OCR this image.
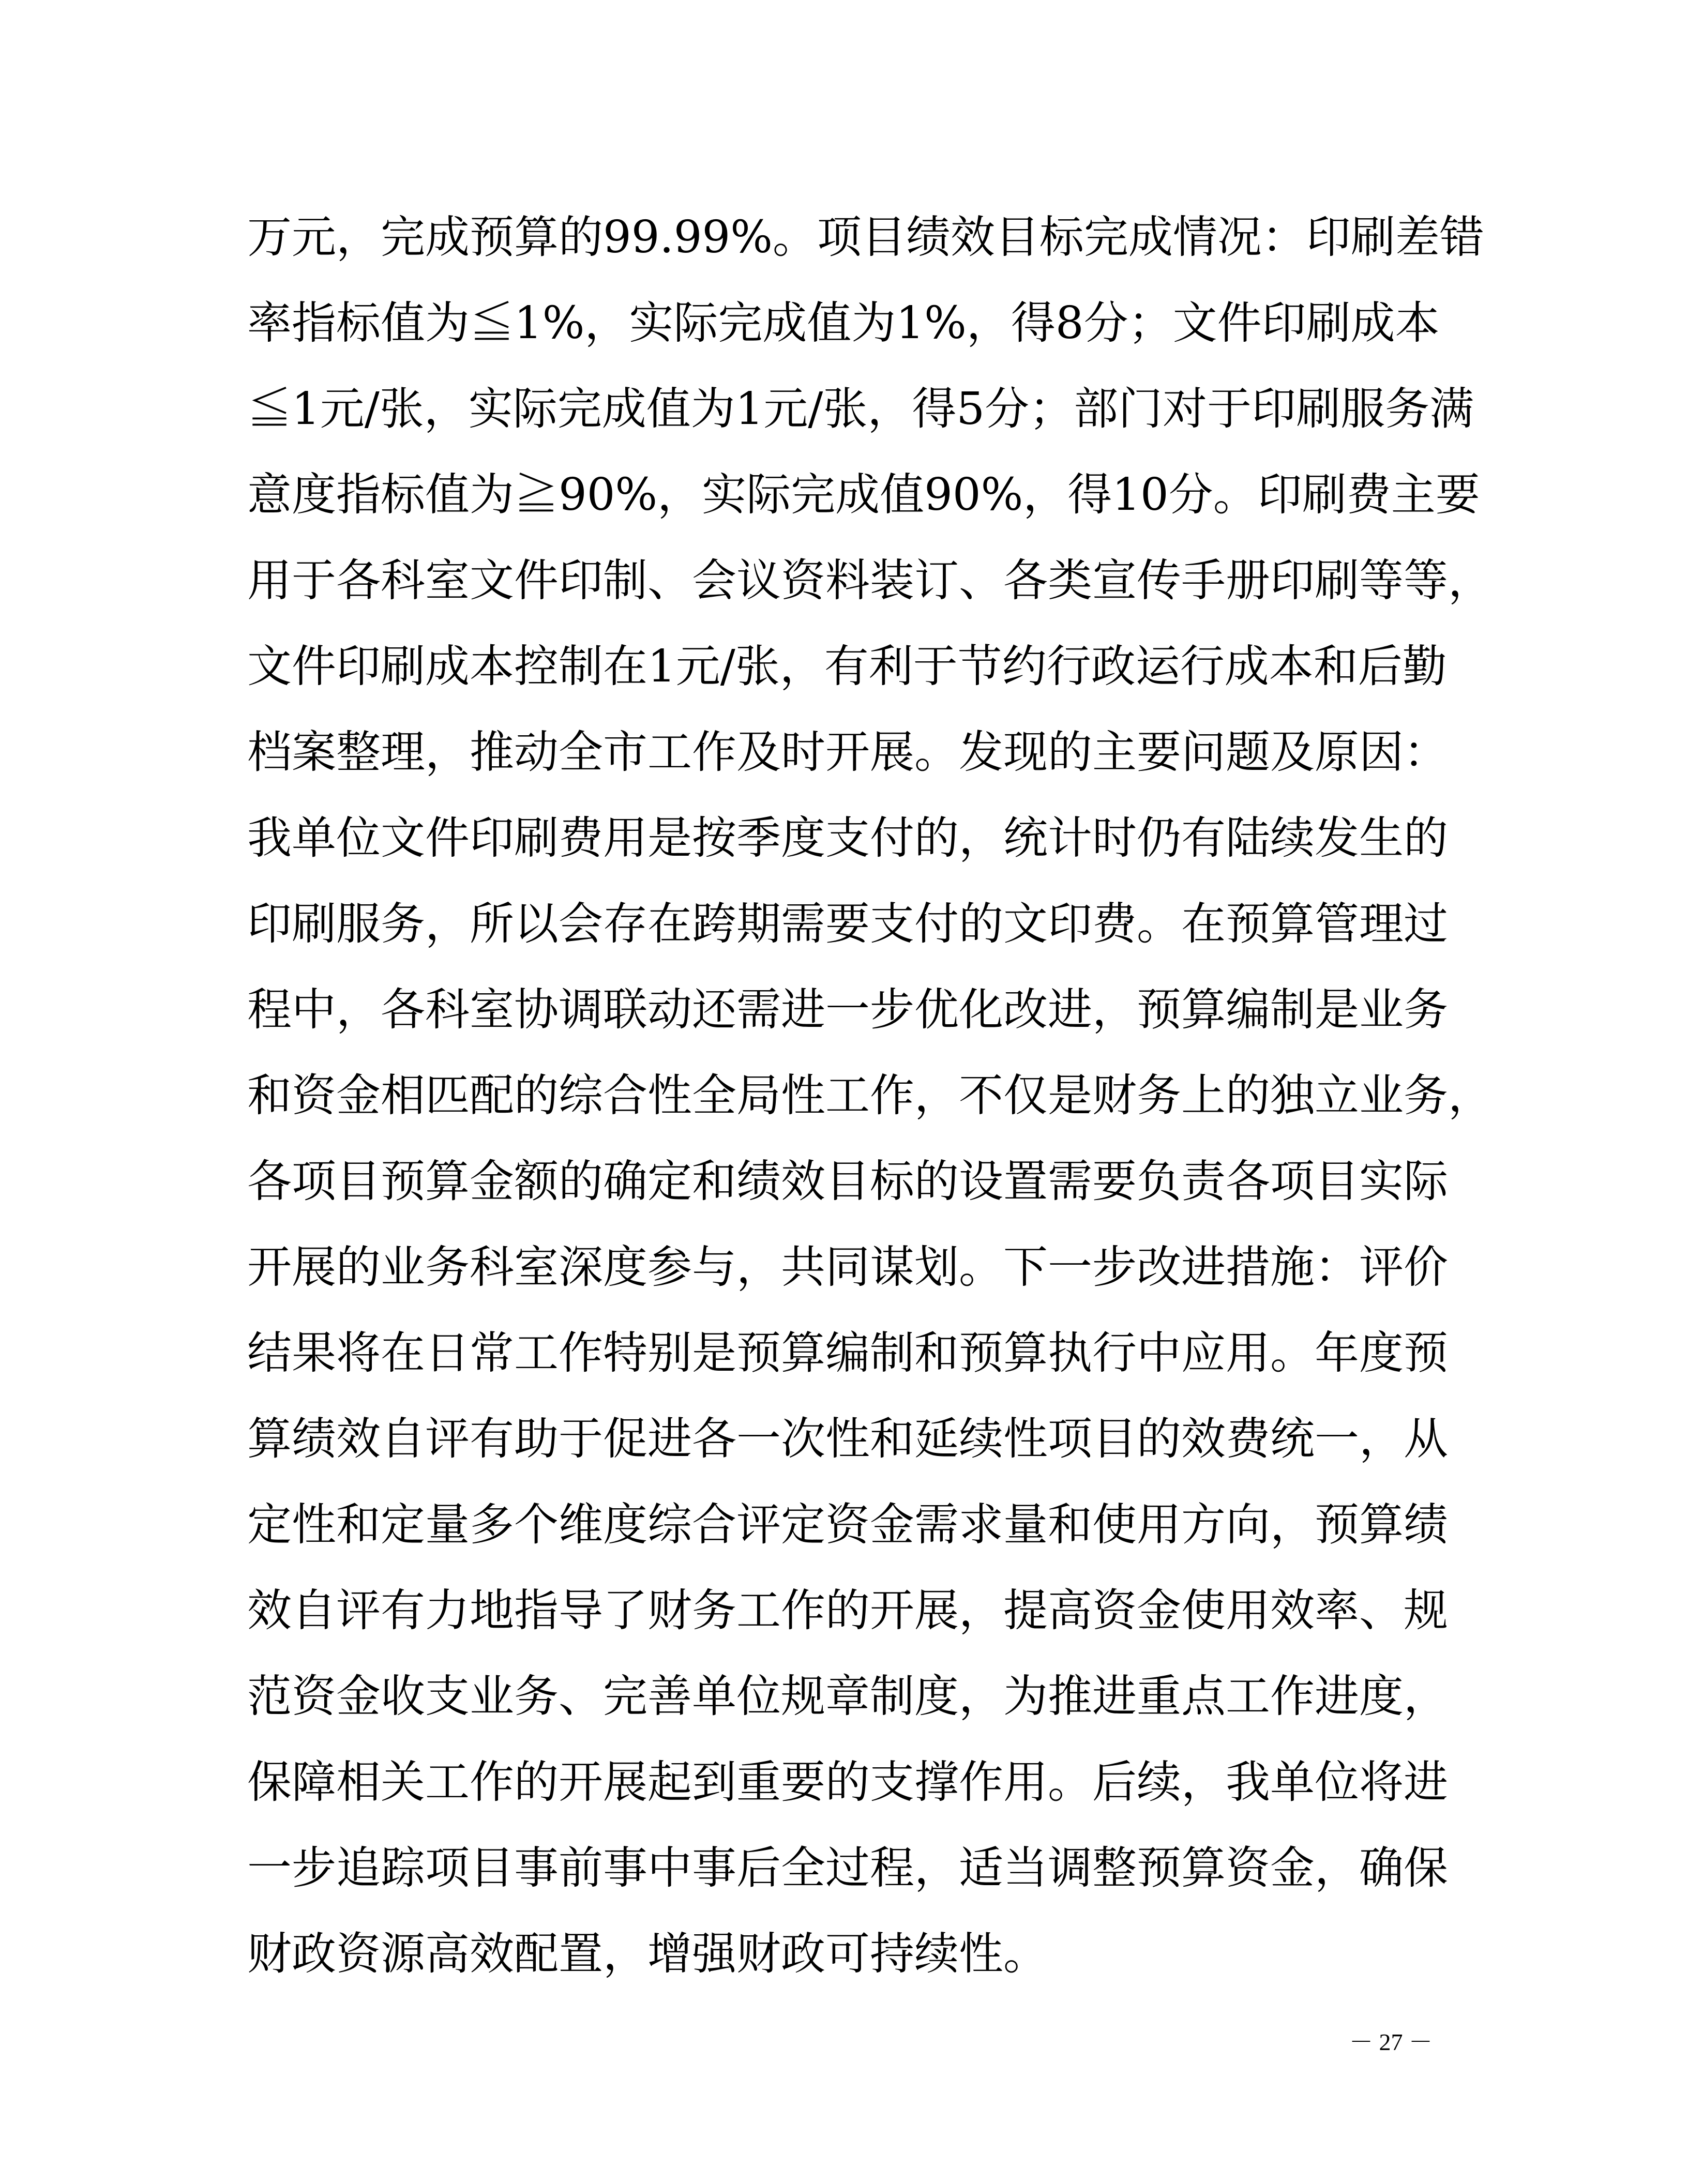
万元，完成预算的99.99%。项目绩效目标完成情况：印刷差错
率指标值为≦1%，实际完成值为1%，得8分；文件印刷成本
≦1元/张，实际完成值为1元/张，得5分；部门对于印刷服务满
意度指标值为≧90%，实际完成值90%，得10分。印刷费主要
用于各科室文件印制、会议资料装订、各类宣传手册印刷等等，
文件印刷成本控制在1元/张，有利于节约行政运行成本和后勤
档案整理，推动全市工作及时开展。发现的主要问题及原因：
我单位文件印刷费用是按季度支付的，统计时仍有陆续发生的
印刷服务，所以会存在跨期需要支付的文印费。在预算管理过
程中，各科室协调联动还需进一步优化改进，预算编制是业务
和资金相匹配的综合性全局性工作，不仅是财务上的独立业务，
各项目预算金额的确定和绩效目标的设置需要负责各项目实际
开展的业务科室深度参与，共同谋划。下一步改进措施：评价
结果将在日常工作特别是预算编制和预算执行中应用。年度预
算绩效自评有助于促进各一次性和延续性项目的效费统一，从
定性和定量多个维度综合评定资金需求量和使用方向，预算绩
效自评有力地指导了财务工作的开展，提高资金使用效率、规
范资金收支业务、完善单位规章制度，为推进重点工作进度，
保障相关工作的开展起到重要的支撑作用。后续，我单位将进
一步追踪项目事前事中事后全过程，适当调整预算资金，确保
财政资源高效配置，增强财政可持续性。
－ 27 －
